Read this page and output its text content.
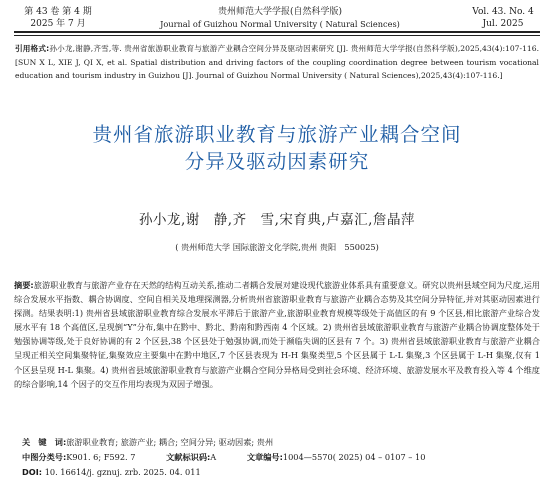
第 43 卷 第 4 期
2025 年 7 月
贵州师范大学学报(自然科学版)
Journal of Guizhou Normal University ( Natural Sciences)
Vol. 43. No. 4
Jul. 2025
引用格式:孙小龙,谢静,齐雪,等. 贵州省旅游职业教育与旅游产业耦合空间分异及驱动因素研究 [J]. 贵州师范大学学报(自然科学版),2025,43(4):107-116. [SUN X L, XIE J, QI X, et al. Spatial distribution and driving factors of the coupling coordination degree between tourism vocational education and tourism industry in Guizhou [J]. Journal of Guizhou Normal University ( Natural Sciences),2025,43(4):107-116.]
贵州省旅游职业教育与旅游产业耦合空间
分异及驱动因素研究
孙小龙,谢　静,齐　雪,宋育典,卢嘉汇,詹晶萍
( 贵州师范大学 国际旅游文化学院,贵州 贵阳　550025)
摘要:旅游职业教育与旅游产业存在天然的结构互动关系,推动二者耦合发展对建设现代旅游业体系具有重要意义。研究以贵州县域空间为尺度,运用综合发展水平指数、耦合协调度、空间自相关及地理探测器,分析贵州省旅游职业教育与旅游产业耦合态势及其空间分异特征,并对其驱动因素进行探测。结果表明:1) 贵州省县域旅游职业教育综合发展水平滞后于旅游产业,旅游职业教育规模等级处于高值区的有 9 个区县,相比旅游产业综合发展水平有 18 个高值区,呈现倒“Y”分布,集中在黔中、黔北、黔南和黔西南 4 个区域。2) 贵州省县域旅游职业教育与旅游产业耦合协调度整体处于勉强协调等级,处于良好协调的有 2 个区县,38 个区县处于勉强协调,而处于濒临失调的区县有 7 个。3) 贵州省县域旅游职业教育与旅游产业耦合呈现正相关空间集聚特征,集聚效应主要集中在黔中地区,7 个区县表现为 H-H 集聚类型,5 个区县属于 L-L 集聚,3 个区县属于 L-H 集聚,仅有 1 个区县呈现 H-L 集聚。4) 贵州省县域旅游职业教育与旅游产业耦合空间分异格局受到社会环境、经济环境、旅游发展水平及教育投入等 4 个维度的综合影响,14 个因子的交互作用均表现为双因子增强。
关　键　词:旅游职业教育; 旅游产业; 耦合; 空间分异; 驱动因素; 贵州
中图分类号:K901. 6; F592. 7	文献标识码:A	文章编号:1004—5570( 2025) 04 – 0107 – 10
DOI: 10. 16614/j. gznuj. zrb. 2025. 04. 011
